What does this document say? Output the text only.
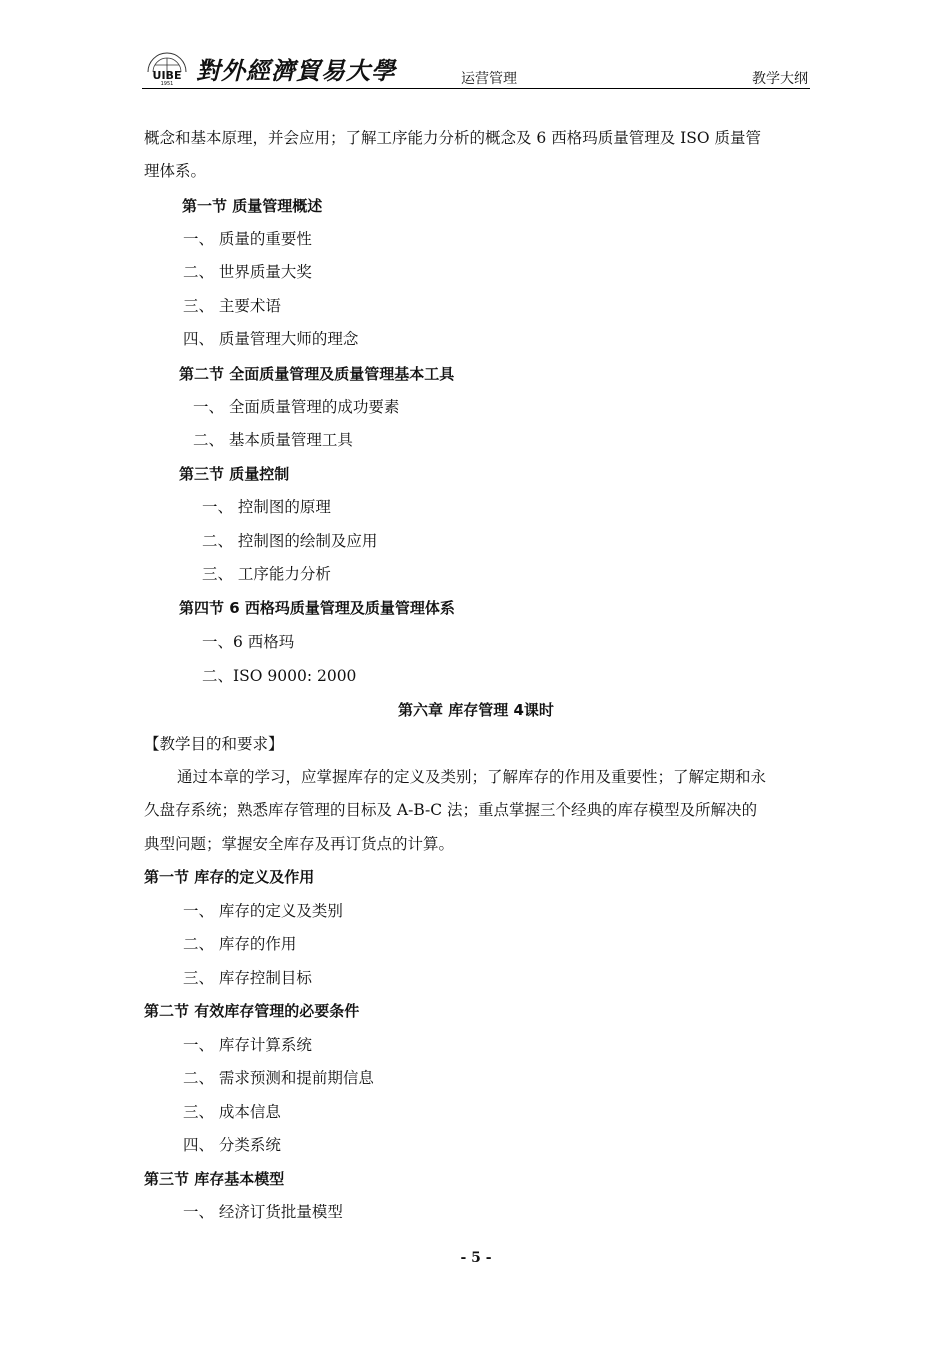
UIBE
1951 對外經濟貿易大學	运营管理	教学大纲
概念和基本原理，并会应用；了解工序能力分析的概念及 6 西格玛质量管理及 ISO 质量管
理体系。
第一节 质量管理概述
一、 质量的重要性
二、 世界质量大奖
三、 主要术语
四、 质量管理大师的理念
第二节 全面质量管理及质量管理基本工具
一、 全面质量管理的成功要素
二、 基本质量管理工具
第三节 质量控制
一、 控制图的原理
二、 控制图的绘制及应用
三、 工序能力分析
第四节 6 西格玛质量管理及质量管理体系
一、6 西格玛
二、ISO 9000: 2000
第六章 库存管理 4课时
【教学目的和要求】
通过本章的学习，应掌握库存的定义及类别；了解库存的作用及重要性；了解定期和永
久盘存系统；熟悉库存管理的目标及 A-B-C 法；重点掌握三个经典的库存模型及所解决的
典型问题；掌握安全库存及再订货点的计算。
第一节 库存的定义及作用
一、 库存的定义及类别
二、 库存的作用
三、 库存控制目标
第二节 有效库存管理的必要条件
一、 库存计算系统
二、 需求预测和提前期信息
三、 成本信息
四、 分类系统
第三节 库存基本模型
一、 经济订货批量模型
- 5 -
